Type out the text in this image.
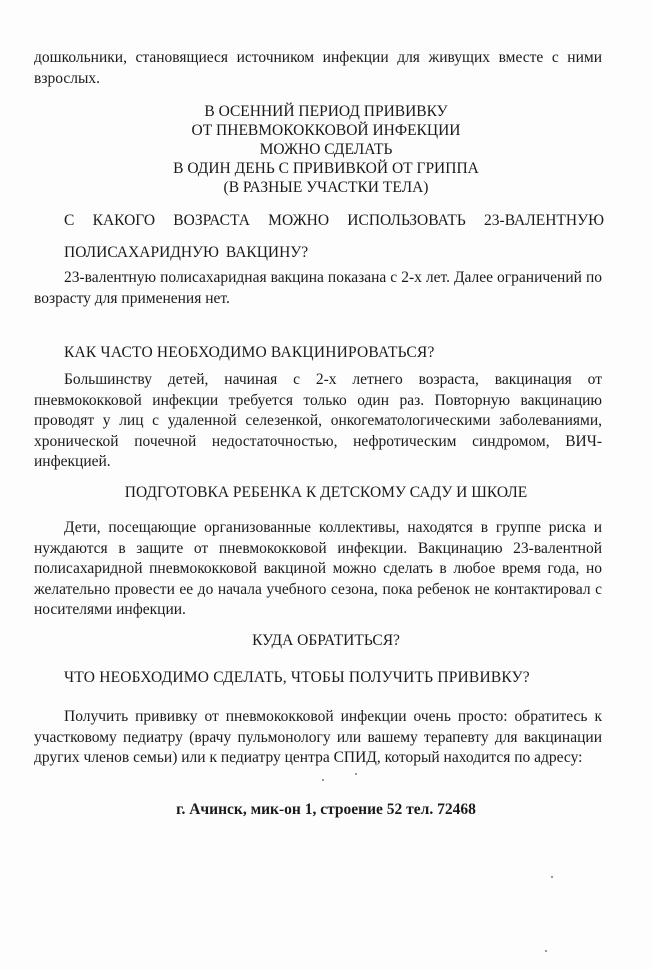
дошкольники, становящиеся источником инфекции для живущих вместе с ними взрослых.

В ОСЕННИЙ ПЕРИОД ПРИВИВКУ

ОТ ПНЕВМОКОККОВОЙ ИНФЕКЦИИ

МОЖНО СДЕЛАТЬ

В ОДИН ДЕНЬ С ПРИВИВКОЙ ОТ ГРИППА

(В РАЗНЫЕ УЧАСТКИ ТЕЛА)

С КАКОГО ВОЗРАСТА МОЖНО ИСПОЛЬЗОВАТЬ 23-ВАЛЕНТНУЮ ПОЛИСАХАРИДНУЮ ВАКЦИНУ?

23-валентную полисахаридная вакцина показана с 2-х лет. Далее ограничений по возрасту для применения нет.

КАК ЧАСТО НЕОБХОДИМО ВАКЦИНИРОВАТЬСЯ?

Большинству детей, начиная с 2-х летнего возраста, вакцинация от пневмококковой инфекции требуется только один раз. Повторную вакцинацию проводят у лиц с удаленной селезенкой, онкогематологическими заболеваниями, хронической почечной недостаточностью, нефротическим синдромом, ВИЧ-инфекцией.

ПОДГОТОВКА РЕБЕНКА К ДЕТСКОМУ САДУ И ШКОЛЕ

Дети, посещающие организованные коллективы, находятся в группе риска и нуждаются в защите от пневмококковой инфекции. Вакцинацию 23-валентной полисахаридной пневмококковой вакциной можно сделать в любое время года, но желательно провести ее до начала учебного сезона, пока ребенок не контактировал с носителями инфекции.

КУДА ОБРАТИТЬСЯ?

ЧТО НЕОБХОДИМО СДЕЛАТЬ, ЧТОБЫ ПОЛУЧИТЬ ПРИВИВКУ?

Получить прививку от пневмококковой инфекции очень просто: обратитесь к участковому педиатру (врачу пульмонологу или вашему терапевту для вакцинации других членов семьи) или к педиатру центра СПИД, который находится по адресу:

г. Ачинск, мик-он 1, строение 52 тел. 72468
